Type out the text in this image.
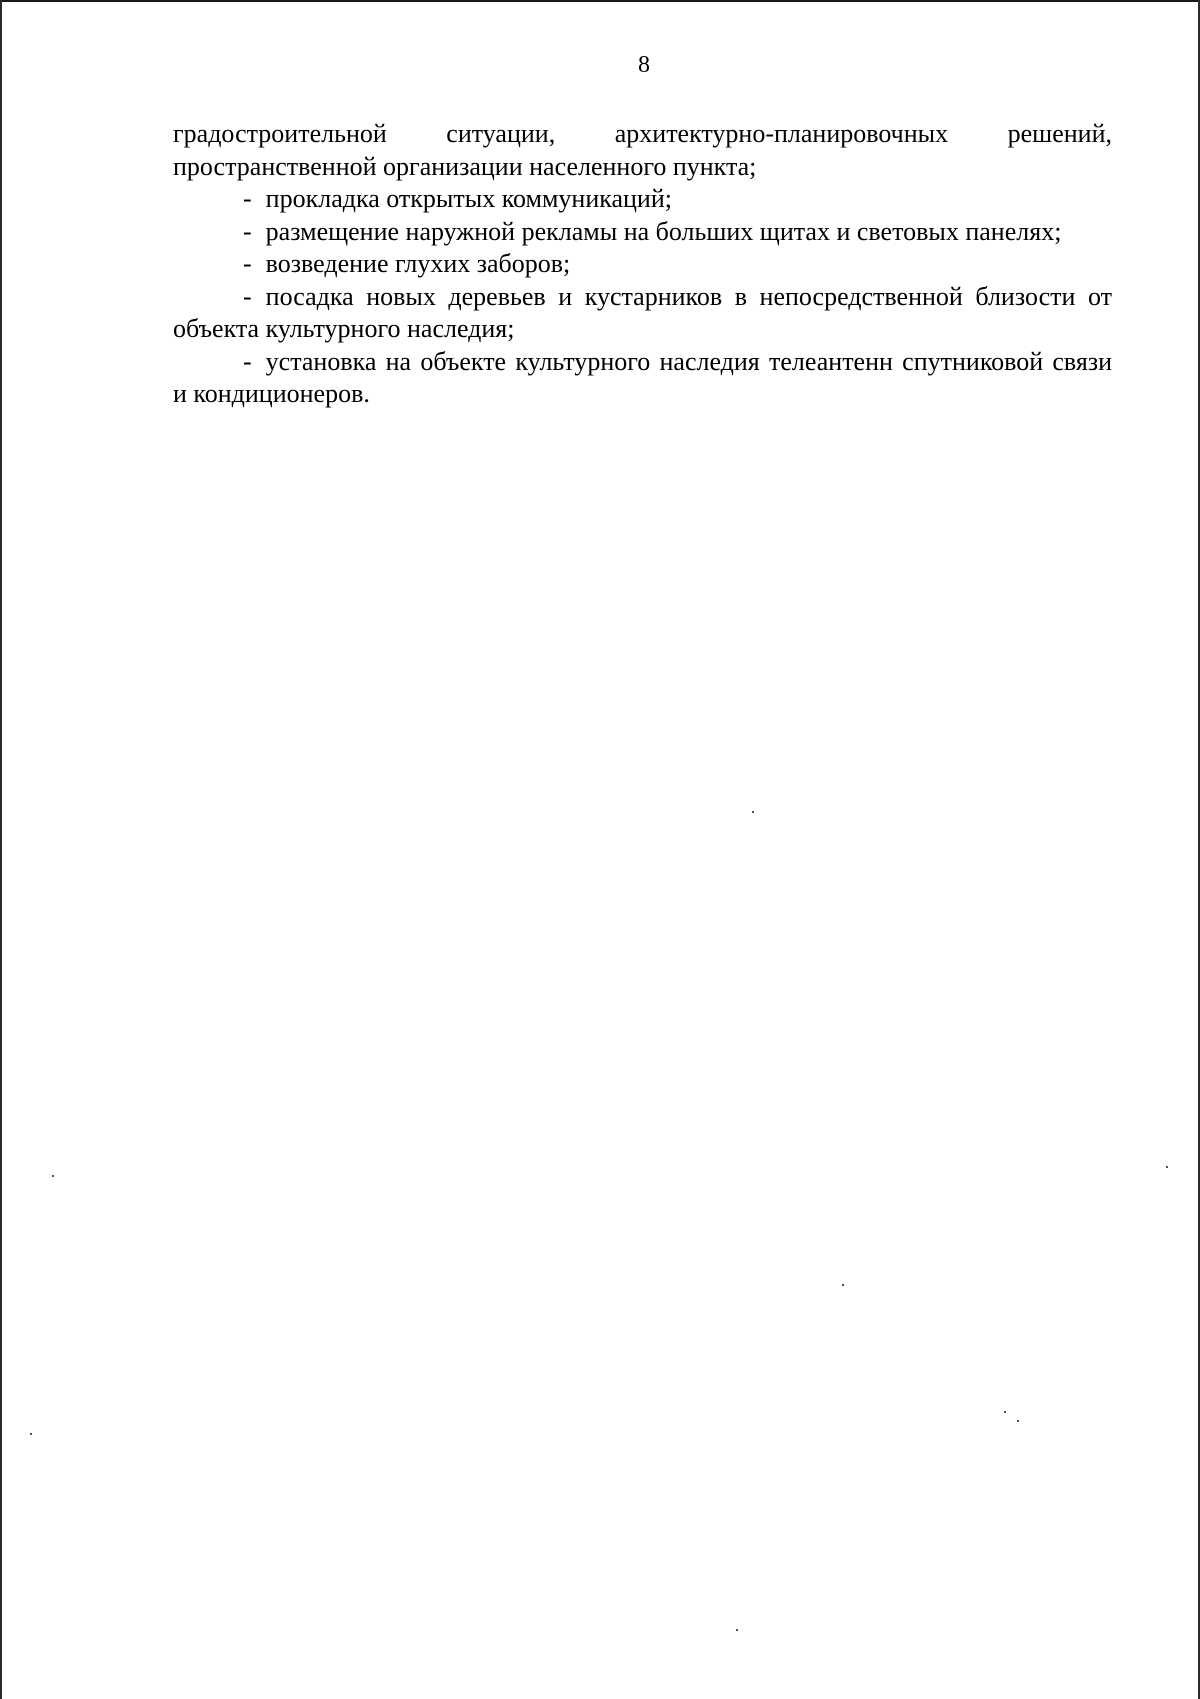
8

градостроительной ситуации, архитектурно-планировочных решений, пространственной организации населенного пункта;

- прокладка открытых коммуникаций;

- размещение наружной рекламы на больших щитах и световых панелях;

- возведение глухих заборов;

- посадка новых деревьев и кустарников в непосредственной близости от объекта культурного наследия;

- установка на объекте культурного наследия телеантенн спутниковой связи и кондиционеров.
